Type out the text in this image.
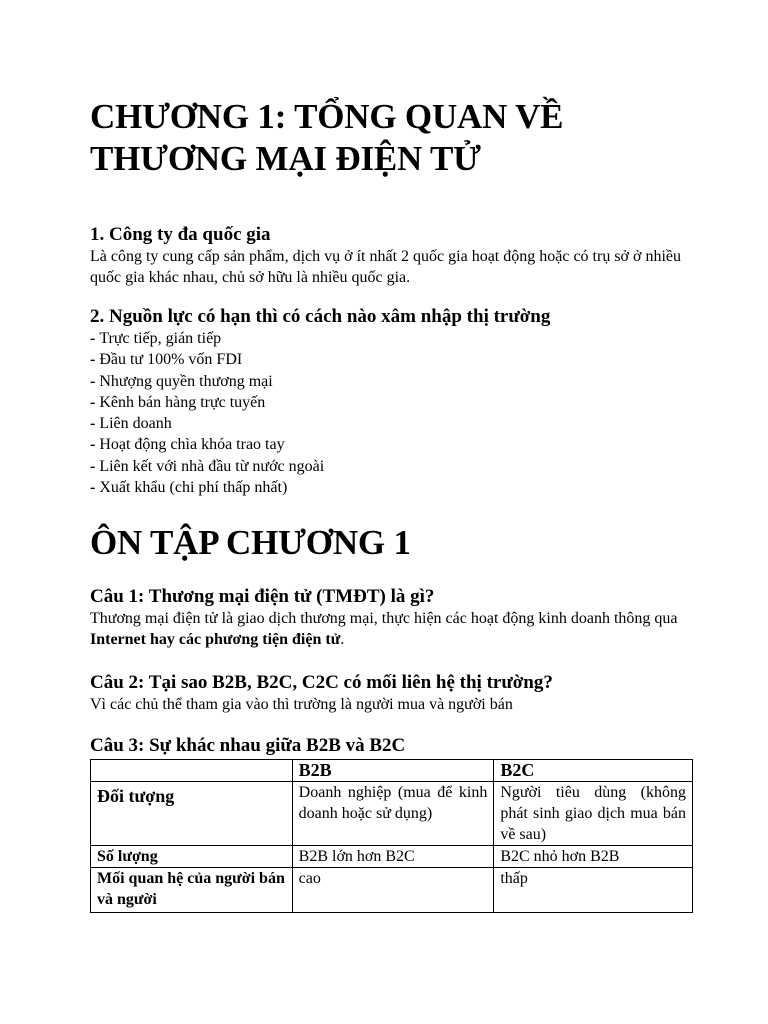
CHƯƠNG 1: TỔNG QUAN VỀ THƯƠNG MẠI ĐIỆN TỬ
1. Công ty đa quốc gia

Là công ty cung cấp sản phẩm, dịch vụ ở ít nhất 2 quốc gia hoạt động hoặc có trụ sở ở nhiều quốc gia khác nhau, chủ sở hữu là nhiều quốc gia.

2. Nguồn lực có hạn thì có cách nào xâm nhập thị trường
- Trực tiếp, gián tiếp
- Đầu tư 100% vốn FDI
- Nhượng quyền thương mại
- Kênh bán hàng trực tuyến
- Liên doanh
- Hoạt động chìa khóa trao tay
- Liên kết với nhà đầu từ nước ngoài
- Xuất khẩu (chi phí thấp nhất)
ÔN TẬP CHƯƠNG 1
Câu 1: Thương mại điện tử (TMĐT) là gì?

Thương mại điện tử là giao dịch thương mại, thực hiện các hoạt động kinh doanh thông qua Internet hay các phương tiện điện tử.

Câu 2: Tại sao B2B, B2C, C2C có mối liên hệ thị trường?

Vì các chủ thể tham gia vào thì trường là người mua và người bán

Câu 3: Sự khác nhau giữa B2B và B2C
	B2B	B2C
Đối tượng	Doanh nghiệp (mua để kinh doanh hoặc sử dụng)	Người tiêu dùng (không phát sinh giao dịch mua bán về sau)
Số lượng	B2B lớn hơn B2C	B2C nhỏ hơn B2B

Mối quan hệ của người bán và người	cao	thấp
